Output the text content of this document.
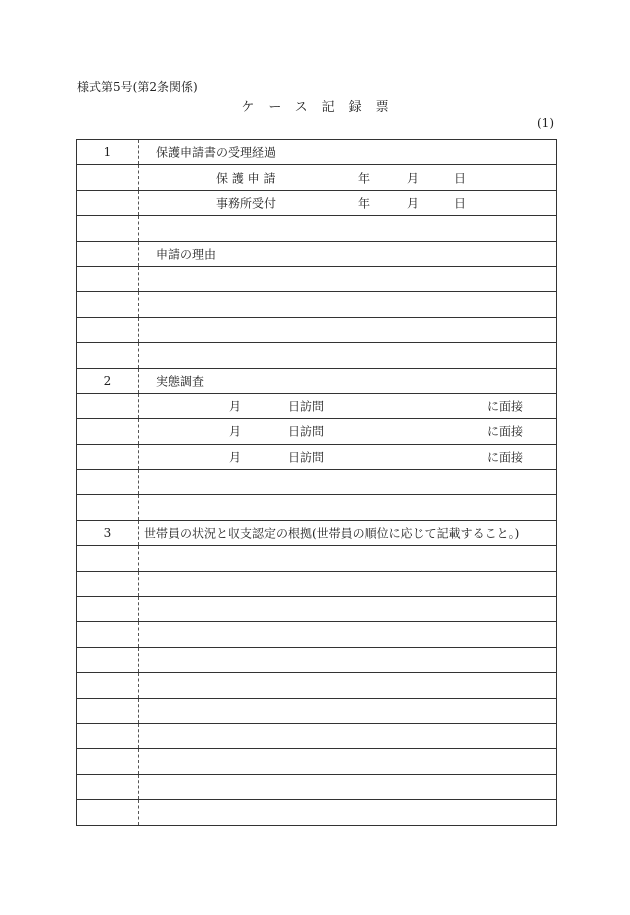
様式第5号(第2条関係)
ケース記録票
(1)
1	保護申請書の受理経過

	保 護 申 請 年 月 日

	事務所受付 年 月 日

	申請の理由

2	実態調査

	月 日訪問 に面接

	月 日訪問 に面接

	月 日訪問 に面接

3	世帯員の状況と収支認定の根拠(世帯員の順位に応じて記載すること。)
